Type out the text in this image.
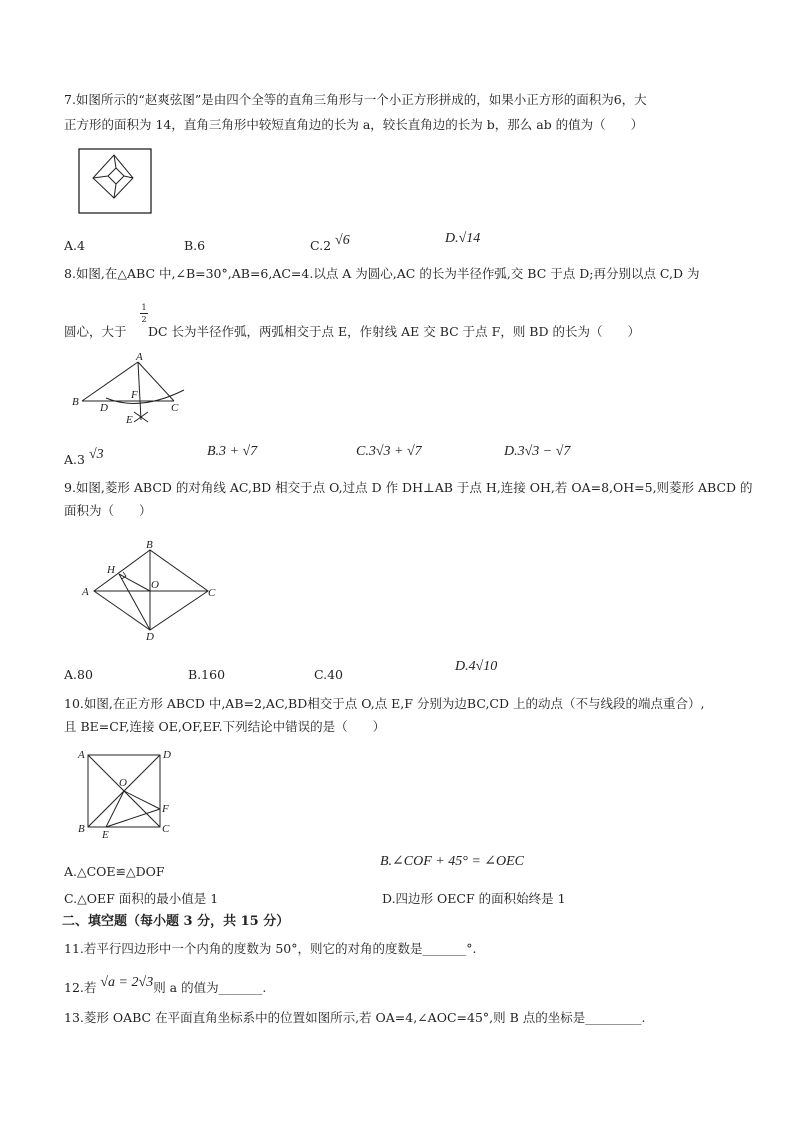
7.如图所示的“赵爽弦图”是由四个全等的直角三角形与一个小正方形拼成的，如果小正方形的面积为6，大
正方形的面积为 14，直角三角形中较短直角边的长为 a，较长直角边的长为 b，那么 ab 的值为（　　）
A.4	B.6	C.2 √6	D.√14
8.如图,在△ABC 中,∠B=30°,AB=6,AC=4.以点 A 为圆心,AC 的长为半径作弧,交 BC 于点 D;再分别以点 C,D 为
1
2
圆心，大于 DC 长为半径作弧，两弧相交于点 E，作射线 AE 交 BC 于点 F，则 BD 的长为（　　）
A
B	C
D
E
F
A.3 √3	B.3 + √7	C.3√3 + √7	D.3√3 − √7
9.如图,菱形 ABCD 的对角线 AC,BD 相交于点 O,过点 D 作 DH⊥AB 于点 H,连接 OH,若 OA=8,OH=5,则菱形 ABCD 的
面积为（　　）
B
A	C
D
H
O
A.80	B.160	C.40
D.4√10
10.如图,在正方形 ABCD 中,AB=2,AC,BD相交于点 O,点 E,F 分别为边BC,CD 上的动点（不与线段的端点重合）,
且 BE=CF,连接 OE,OF,EF.下列结论中错误的是（　　）
A	D
B	C
O
E
F
A.△COE≌△DOF
B.∠COF + 45° = ∠OEC
C.△OEF 面积的最小值是 1	D.四边形 OECF 的面积始终是 1
二、填空题（每小题 3 分，共 15 分）
11.若平行四边形中一个内角的度数为 50°，则它的对角的度数是_______°.
12.若 √a = 2√3则 a 的值为_______.
13.菱形 OABC 在平面直角坐标系中的位置如图所示,若 OA=4,∠AOC=45°,则 B 点的坐标是_________.
